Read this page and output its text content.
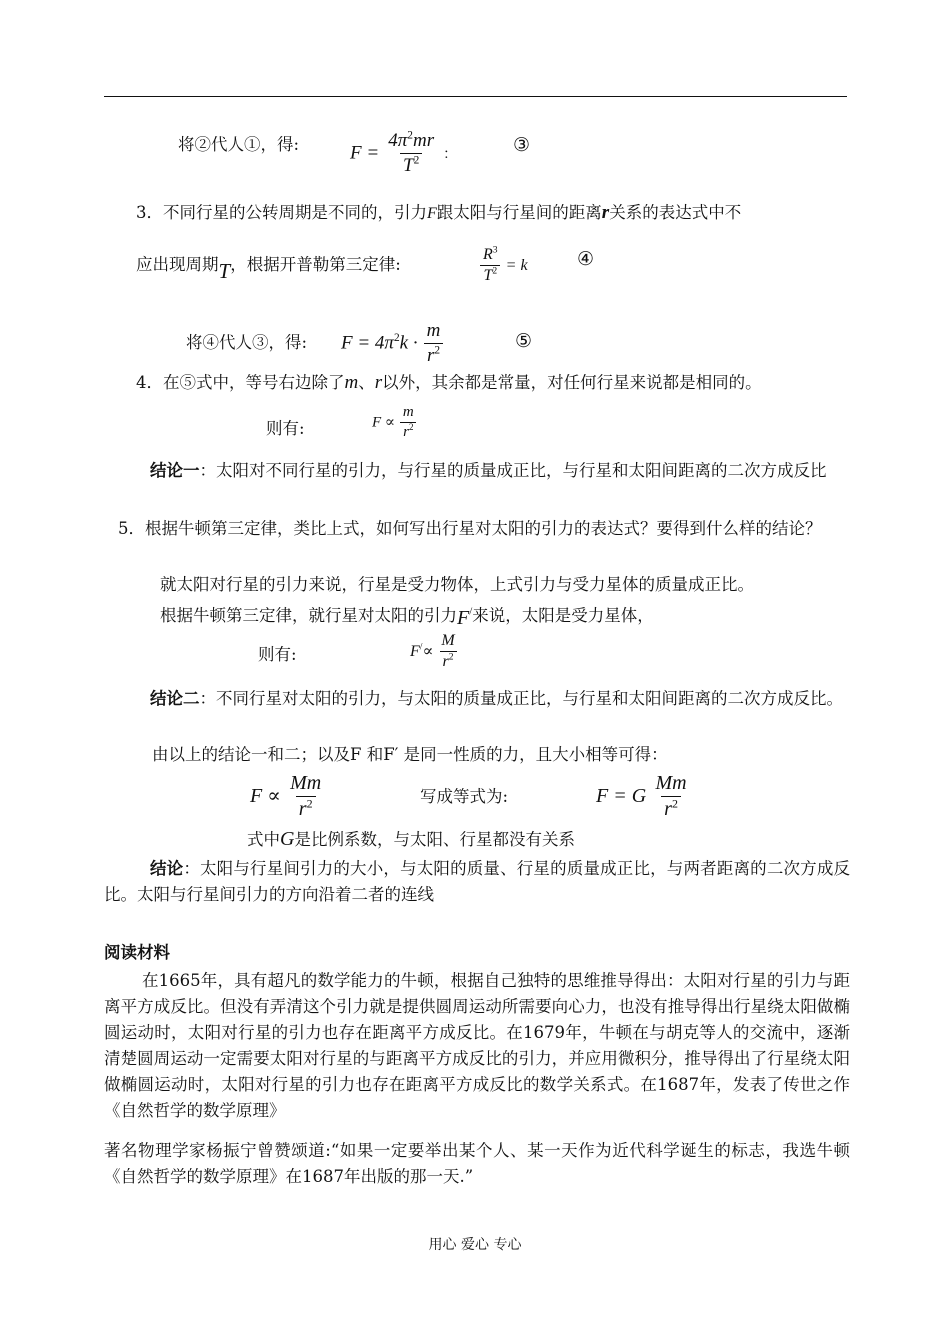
将②代人①，得:	$F = \frac{4\pi^2mr}{T^2}$ ：	③
3．不同行星的公转周期是不同的，引力F跟太阳与行星间的距离r关系的表达式中不
应出现周期T，根据开普勒第三定律:	$\frac{R^3}{T^2} = k$	④
将④代人③，得: $F = 4\pi^2k \cdot \frac{m}{r^2}$	⑤
4．在⑤式中，等号右边除了m、r以外，其余都是常量，对任何行星来说都是相同的。
则有:	$F \propto \frac{m}{r^2}$
结论一：太阳对不同行星的引力，与行星的质量成正比，与行星和太阳间距离的二次方成反比
5．根据牛顿第三定律，类比上式，如何写出行星对太阳的引力的表达式？要得到什么样的结论？
就太阳对行星的引力来说，行星是受力物体，上式引力与受力星体的质量成正比。
根据牛顿第三定律，就行星对太阳的引力F/来说，太阳是受力星体，
则有:	$F^/\propto \frac{M}{r^2}$
结论二：不同行星对太阳的引力，与太阳的质量成正比，与行星和太阳间距离的二次方成反比。
由以上的结论一和二；以及F 和F′ 是同一性质的力，且大小相等可得：
$F \propto \frac{Mm}{r^2}$	写成等式为:	F = G $\frac{Mm}{r^2}$
式中G是比例系数，与太阳、行星都没有关系
结论：太阳与行星间引力的大小，与太阳的质量、行星的质量成正比，与两者距离的二次方成反比。太阳与行星间引力的方向沿着二者的连线
阅读材料
在1665年，具有超凡的数学能力的牛顿，根据自己独特的思维推导得出：太阳对行星的引力与距离平方成反比。但没有弄清这个引力就是提供圆周运动所需要向心力，也没有推导得出行星绕太阳做椭圆运动时，太阳对行星的引力也存在距离平方成反比。在1679年，牛顿在与胡克等人的交流中，逐渐清楚圆周运动一定需要太阳对行星的与距离平方成反比的引力，并应用微积分，推导得出了行星绕太阳做椭圆运动时，太阳对行星的引力也存在距离平方成反比的数学关系式。在1687年，发表了传世之作《自然哲学的数学原理》
著名物理学家杨振宁曾赞颂道:“如果一定要举出某个人、某一天作为近代科学诞生的标志，我选牛顿《自然哲学的数学原理》在1687年出版的那一天.”
用心 爱心 专心
